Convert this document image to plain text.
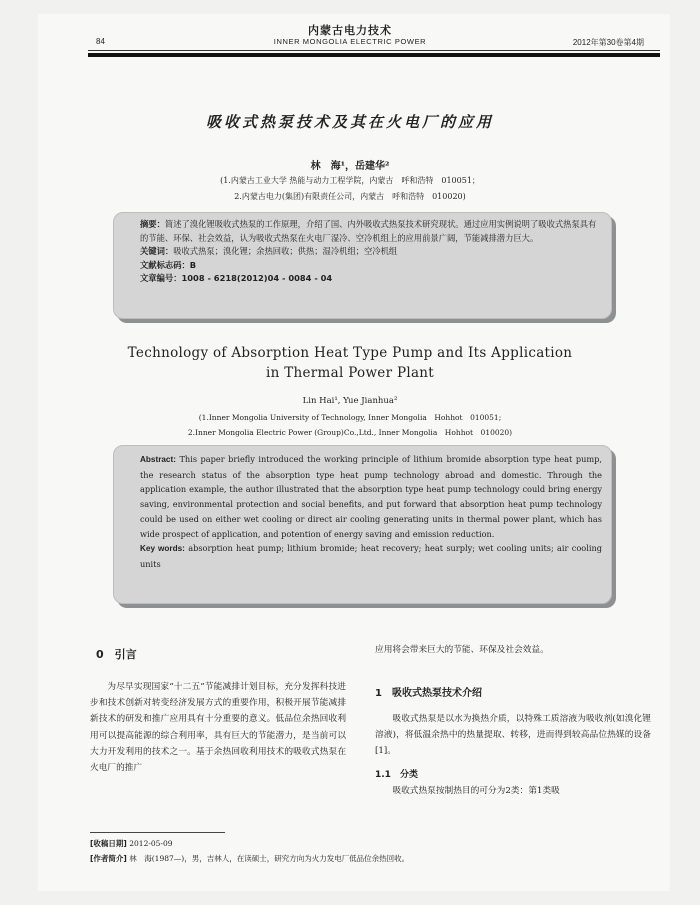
内蒙古电力技术
84	INNER MONGOLIA ELECTRIC POWER	2012年第30卷第4期
吸收式热泵技术及其在火电厂的应用
林　海¹，岳建华²
(1.内蒙古工业大学 热能与动力工程学院，内蒙古　呼和浩特　010051；
2.内蒙古电力(集团)有限责任公司，内蒙古　呼和浩特　010020)
摘要：简述了溴化锂吸收式热泵的工作原理，介绍了国、内外吸收式热泵技术研究现状。通过应用实例说明了吸收式热泵具有的节能、环保、社会效益，认为吸收式热泵在火电厂湿冷、空冷机组上的应用前景广阔，节能减排潜力巨大。
关键词：吸收式热泵；溴化锂；余热回收；供热；湿冷机组；空冷机组
文献标志码：B
文章编号：1008 - 6218(2012)04 - 0084 - 04
Technology of Absorption Heat Type Pump and Its Application
in Thermal Power Plant
Lin Hai¹, Yue Jianhua²
(1.Inner Mongolia University of Technology, Inner Mongolia　Hohhot　010051;
2.Inner Mongolia Electric Power (Group)Co.,Ltd., Inner Mongolia　Hohhot　010020)
Abstract: This paper briefly introduced the working principle of lithium bromide absorption type heat pump, the research status of the absorption type heat pump technology abroad and domestic. Through the application example, the author illustrated that the absorption type heat pump technology could bring energy saving, environmental protection and social benefits, and put forward that absorption heat pump technology could be used on either wet cooling or direct air cooling generating units in thermal power plant, which has wide prospect of application, and potention of energy saving and emission reduction.
Key words: absorption heat pump; lithium bromide; heat recovery; heat surply; wet cooling units; air cooling units
0　引言
为尽早实现国家“十二五”节能减排计划目标，充分发挥科技进步和技术创新对转变经济发展方式的重要作用，积极开展节能减排新技术的研发和推广应用具有十分重要的意义。低品位余热回收利用可以提高能源的综合利用率，具有巨大的节能潜力，是当前可以大力开发利用的技术之一。基于余热回收利用技术的吸收式热泵在火电厂的推广
应用将会带来巨大的节能、环保及社会效益。
1　吸收式热泵技术介绍
吸收式热泵是以水为换热介质，以特殊工质溶液为吸收剂(如溴化锂溶液)，将低温余热中的热量提取、转移，进而得到较高品位热媒的设备[1]。
1.1　分类
吸收式热泵按制热目的可分为2类：第1类吸
[收稿日期] 2012-05-09
[作者简介] 林　海(1987—)，男，吉林人，在读硕士，研究方向为火力发电厂低品位余热回收。
